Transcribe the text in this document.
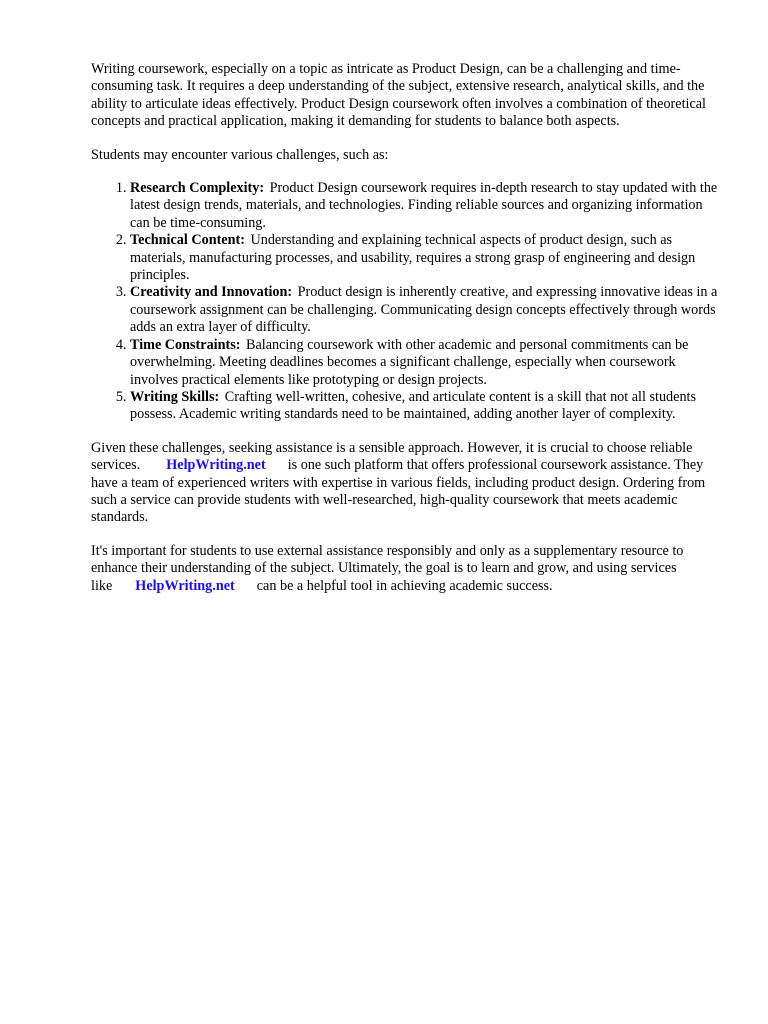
Writing coursework, especially on a topic as intricate as Product Design, can be a challenging and time-consuming task. It requires a deep understanding of the subject, extensive research, analytical skills, and the ability to articulate ideas effectively. Product Design coursework often involves a combination of theoretical concepts and practical application, making it demanding for students to balance both aspects.

Students may encounter various challenges, such as:

1. Research Complexity: Product Design coursework requires in-depth research to stay updated with the latest design trends, materials, and technologies. Finding reliable sources and organizing information can be time-consuming.
2. Technical Content: Understanding and explaining technical aspects of product design, such as materials, manufacturing processes, and usability, requires a strong grasp of engineering and design principles.
3. Creativity and Innovation: Product design is inherently creative, and expressing innovative ideas in a coursework assignment can be challenging. Communicating design concepts effectively through words adds an extra layer of difficulty.
4. Time Constraints: Balancing coursework with other academic and personal commitments can be overwhelming. Meeting deadlines becomes a significant challenge, especially when coursework involves practical elements like prototyping or design projects.
5. Writing Skills: Crafting well-written, cohesive, and articulate content is a skill that not all students possess. Academic writing standards need to be maintained, adding another layer of complexity.

Given these challenges, seeking assistance is a sensible approach. However, it is crucial to choose reliable services. HelpWriting.net is one such platform that offers professional coursework assistance. They have a team of experienced writers with expertise in various fields, including product design. Ordering from such a service can provide students with well-researched, high-quality coursework that meets academic standards.

It's important for students to use external assistance responsibly and only as a supplementary resource to enhance their understanding of the subject. Ultimately, the goal is to learn and grow, and using services like HelpWriting.net can be a helpful tool in achieving academic success.
